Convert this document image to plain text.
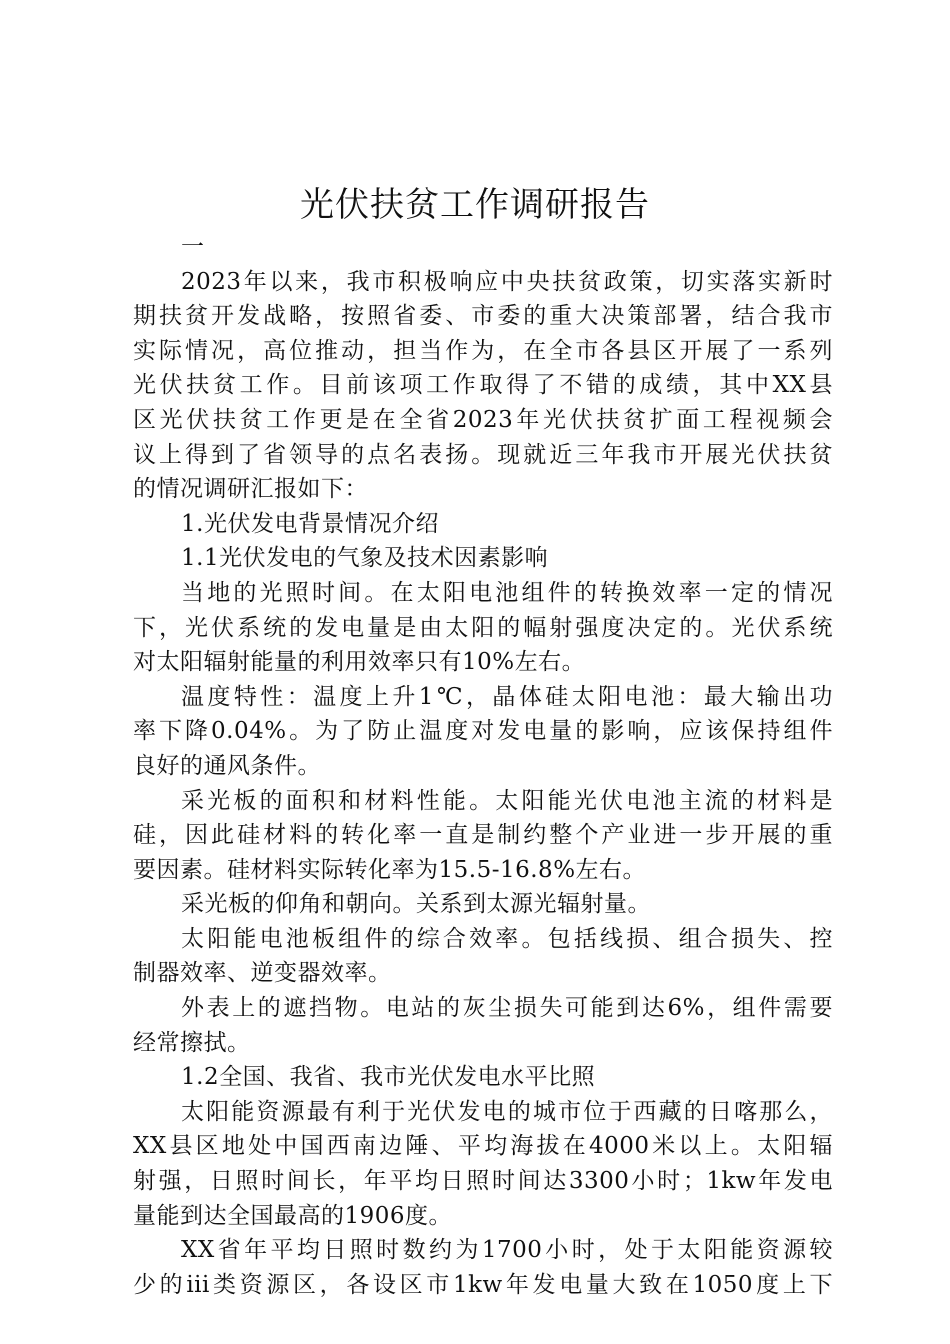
光伏扶贫工作调研报告
一
2023年以来，我市积极响应中央扶贫政策，切实落实新时
期扶贫开发战略，按照省委、市委的重大决策部署，结合我市
实际情况，高位推动，担当作为，在全市各县区开展了一系列
光伏扶贫工作。目前该项工作取得了不错的成绩，其中XX县
区光伏扶贫工作更是在全省2023年光伏扶贫扩面工程视频会
议上得到了省领导的点名表扬。现就近三年我市开展光伏扶贫
的情况调研汇报如下：
1.光伏发电背景情况介绍
1.1光伏发电的气象及技术因素影响
当地的光照时间。在太阳电池组件的转换效率一定的情况
下，光伏系统的发电量是由太阳的幅射强度决定的。光伏系统
对太阳辐射能量的利用效率只有10%左右。
温度特性：温度上升1℃，晶体硅太阳电池：最大输出功
率下降0.04%。为了防止温度对发电量的影响，应该保持组件
良好的通风条件。
采光板的面积和材料性能。太阳能光伏电池主流的材料是
硅，因此硅材料的转化率一直是制约整个产业进一步开展的重
要因素。硅材料实际转化率为15.5-16.8%左右。
采光板的仰角和朝向。关系到太源光辐射量。
太阳能电池板组件的综合效率。包括线损、组合损失、控
制器效率、逆变器效率。
外表上的遮挡物。电站的灰尘损失可能到达6%，组件需要
经常擦拭。
1.2全国、我省、我市光伏发电水平比照
太阳能资源最有利于光伏发电的城市位于西藏的日喀那么，
XX县区地处中国西南边陲、平均海拔在4000米以上。太阳辐
射强，日照时间长，年平均日照时间达3300小时；1kw年发电
量能到达全国最高的1906度。
XX省年平均日照时数约为1700小时，处于太阳能资源较
少的iii类资源区，各设区市1kw年发电量大致在1050度上下
